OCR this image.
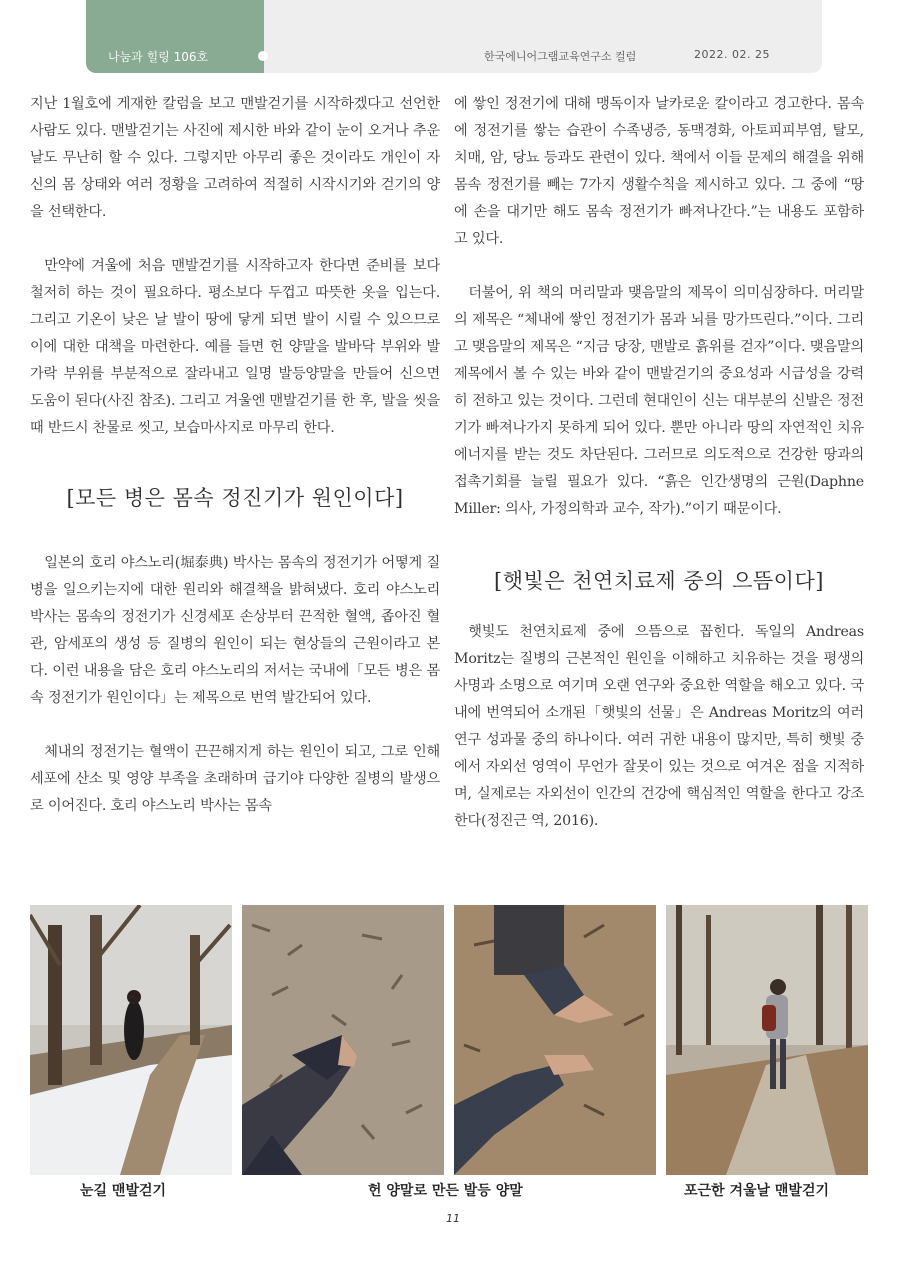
나눔과 힐링 106호	한국에니어그램교육연구소 컬럼	2022. 02. 25

지난 1월호에 게재한 칼럼을 보고 맨발걷기를 시작하겠다고 선언한 사람도 있다. 맨발걷기는 사진에 제시한 바와 같이 눈이 오거나 추운날도 무난히 할 수 있다. 그렇지만 아무리 좋은 것이라도 개인이 자신의 몸 상태와 여러 정황을 고려하여 적절히 시작시기와 걷기의 양을 선택한다.

만약에 겨울에 처음 맨발걷기를 시작하고자 한다면 준비를 보다 철저히 하는 것이 필요하다. 평소보다 두껍고 따뜻한 옷을 입는다. 그리고 기온이 낮은 날 발이 땅에 닿게 되면 발이 시릴 수 있으므로 이에 대한 대책을 마련한다. 예를 들면 헌 양말을 발바닥 부위와 발가락 부위를 부분적으로 잘라내고 일명 발등양말을 만들어 신으면 도움이 된다(사진 참조). 그리고 겨울엔 맨발걷기를 한 후, 발을 씻을 때 반드시 찬물로 씻고, 보습마사지로 마무리 한다.

[모든 병은 몸속 정진기가 원인이다]

일본의 호리 야스노리(堀泰典) 박사는 몸속의 정전기가 어떻게 질병을 일으키는지에 대한 원리와 해결책을 밝혀냈다. 호리 야스노리 박사는 몸속의 정전기가 신경세포 손상부터 끈적한 혈액, 좁아진 혈관, 암세포의 생성 등 질병의 원인이 되는 현상들의 근원이라고 본다. 이런 내용을 담은 호리 야스노리의 저서는 국내에「모든 병은 몸속 정전기가 원인이다」는 제목으로 번역 발간되어 있다.

체내의 정전기는 혈액이 끈끈해지게 하는 원인이 되고, 그로 인해 세포에 산소 및 영양 부족을 초래하며 급기야 다양한 질병의 발생으로 이어진다. 호리 야스노리 박사는 몸속

에 쌓인 정전기에 대해 맹독이자 날카로운 칼이라고 경고한다. 몸속에 정전기를 쌓는 습관이 수족냉증, 동맥경화, 아토피피부염, 탈모, 치매, 암, 당뇨 등과도 관련이 있다. 책에서 이들 문제의 해결을 위해 몸속 정전기를 빼는 7가지 생활수칙을 제시하고 있다. 그 중에 “땅에 손을 대기만 해도 몸속 정전기가 빠져나간다.”는 내용도 포함하고 있다.

더불어, 위 책의 머리말과 맺음말의 제목이 의미심장하다. 머리말의 제목은 “체내에 쌓인 정전기가 몸과 뇌를 망가뜨린다.”이다. 그리고 맺음말의 제목은 “지금 당장, 맨발로 흙위를 걷자”이다. 맺음말의 제목에서 볼 수 있는 바와 같이 맨발걷기의 중요성과 시급성을 강력히 전하고 있는 것이다. 그런데 현대인이 신는 대부분의 신발은 정전기가 빠져나가지 못하게 되어 있다. 뿐만 아니라 땅의 자연적인 치유에너지를 받는 것도 차단된다. 그러므로 의도적으로 건강한 땅과의 접촉기회를 늘릴 필요가 있다. “흙은 인간생명의 근원(Daphne Miller: 의사, 가정의학과 교수, 작가).”이기 때문이다.

[햇빛은 천연치료제 중의 으뜸이다]

햇빛도 천연치료제 중에 으뜸으로 꼽힌다. 독일의 Andreas Moritz는 질병의 근본적인 원인을 이해하고 치유하는 것을 평생의 사명과 소명으로 여기며 오랜 연구와 중요한 역할을 해오고 있다. 국내에 번역되어 소개된「햇빛의 선물」은 Andreas Moritz의 여러 연구 성과물 중의 하나이다. 여러 귀한 내용이 많지만, 특히 햇빛 중에서 자외선 영역이 무언가 잘못이 있는 것으로 여겨온 점을 지적하며, 실제로는 자외선이 인간의 건강에 핵심적인 역할을 한다고 강조한다(정진근 역, 2016).

눈길 맨발걷기	헌 양말로 만든 발등 양말	포근한 겨울날 맨발걷기
11
